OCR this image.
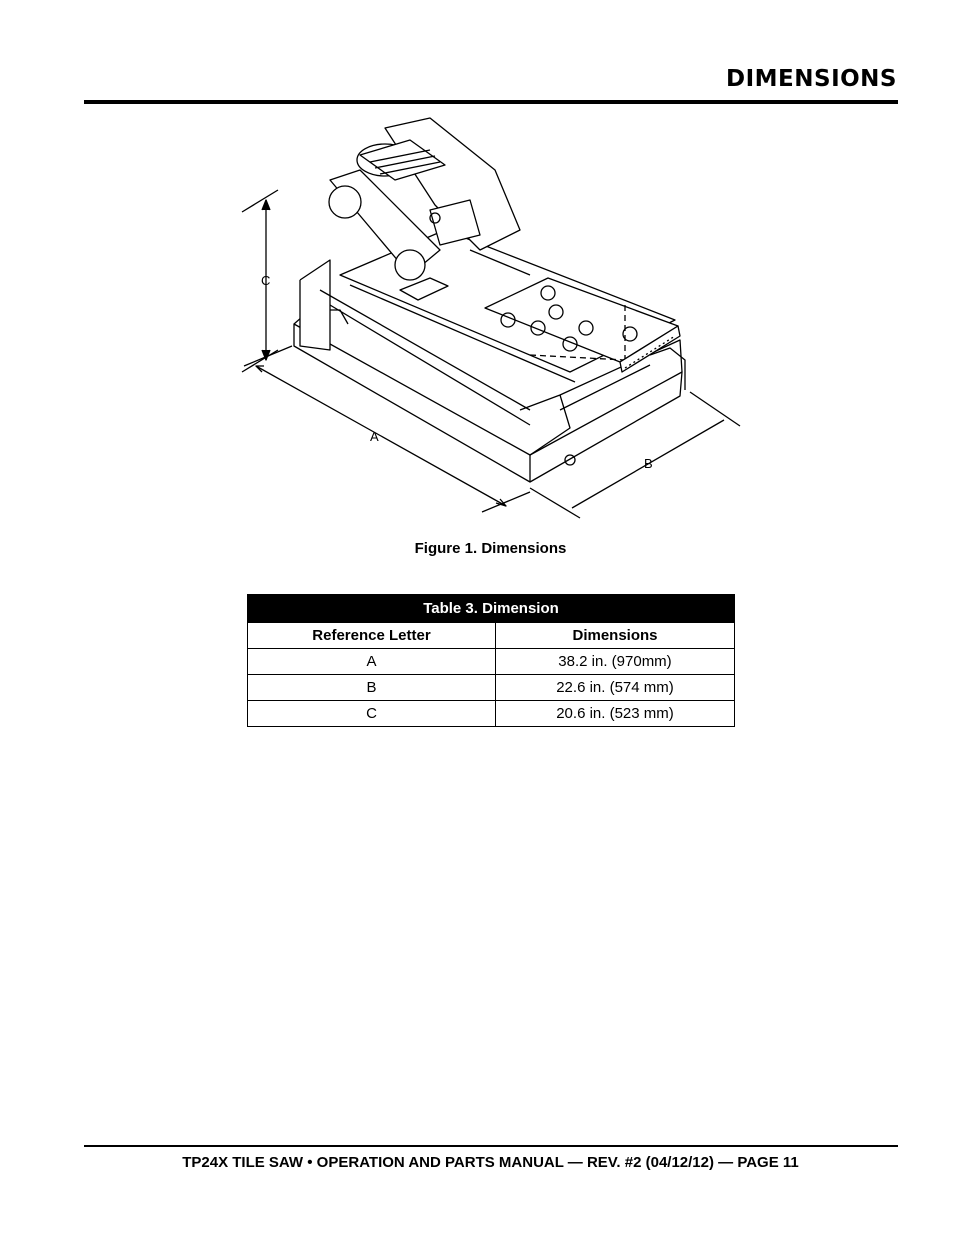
DIMENSIONS
C
A
B
Figure 1. Dimensions
Table 3. Dimension	
Reference Letter	Dimensions
A	38.2 in. (970mm)
B	22.6 in. (574 mm)
C	20.6 in. (523 mm)
TP24X TILE SAW • OPERATION AND PARTS MANUAL — REV. #2 (04/12/12) — PAGE 11
